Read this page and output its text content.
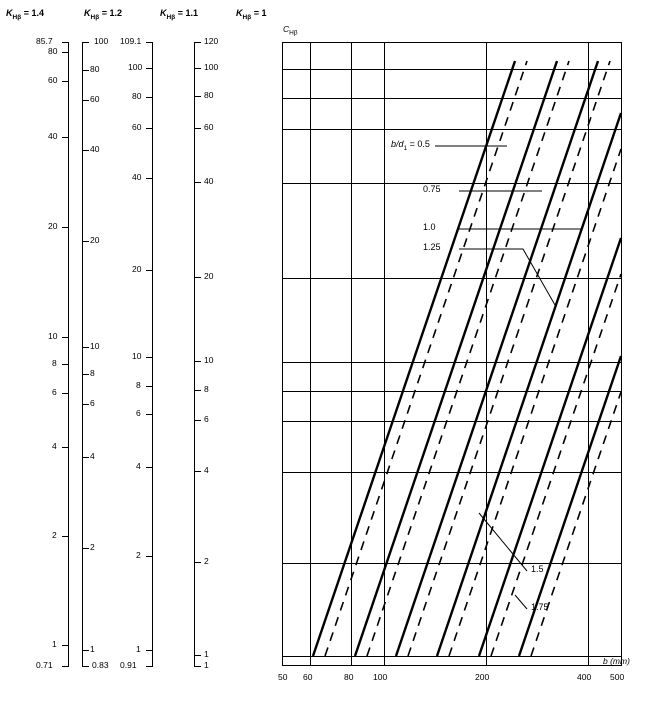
$K_{H\beta} = 1.4$	$K_{H\beta} = 1.2$	$K_{H\beta} = 1.1$	$K_{H\beta} = 1$
85.7
0.71
80
60
40
20
10
8
6
4
2
1
100
0.83
80
60
40
20
10
8
6
4
2
1
109.1
0.91
100
80
60
40
20
10
8
6
4
2
1
120
1
100
80
60
40
20
10
8
6
4
2
1
$C_{H\beta}$
$b/d_1 = 0.5$
0.75
1.0
1.25
1.5
1.75
50 60	80 100	200	400 500
b (mm)
